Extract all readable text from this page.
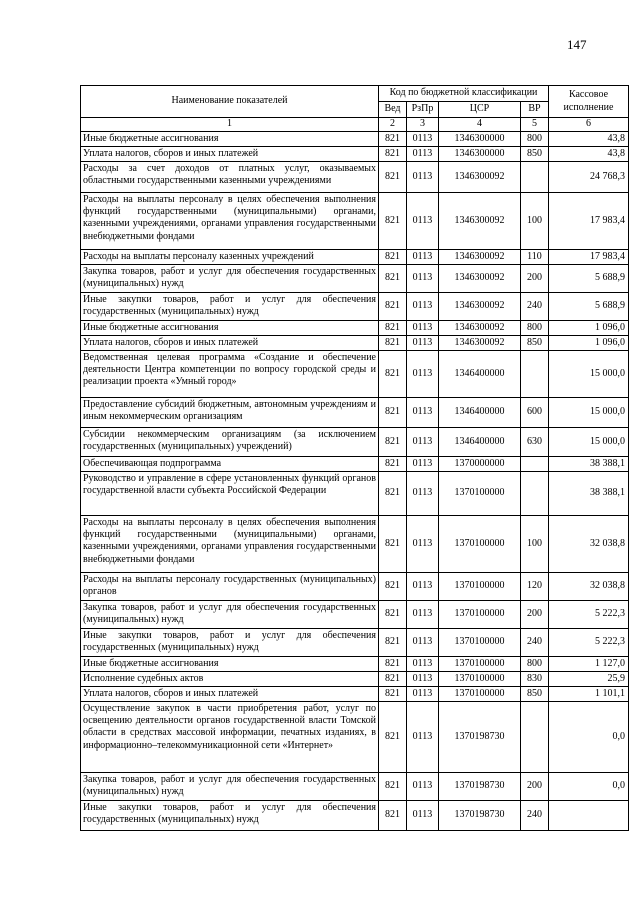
147
Наименование показателей	Код по бюджетной классификации				Кассовое исполнение
	Вед	РзПр	ЦСР	ВР	
1	2	3	4	5	6
Иные бюджетные ассигнования	821	0113	1346300000	800	43,8
Уплата налогов, сборов и иных платежей	821	0113	1346300000	850	43,8
Расходы за счет доходов от платных услуг, оказываемых областными государственными казенными учреждениями	821	0113	1346300092		24 768,3
Расходы на выплаты персоналу в целях обеспечения выполнения функций государственными (муниципальными) органами, казенными учреждениями, органами управления государственными внебюджетными фондами	821	0113	1346300092	100	17 983,4
Расходы на выплаты персоналу казенных учреждений	821	0113	1346300092	110	17 983,4
Закупка товаров, работ и услуг для обеспечения государственных (муниципальных) нужд	821	0113	1346300092	200	5 688,9
Иные закупки товаров, работ и услуг для обеспечения государственных (муниципальных) нужд	821	0113	1346300092	240	5 688,9
Иные бюджетные ассигнования	821	0113	1346300092	800	1 096,0
Уплата налогов, сборов и иных платежей	821	0113	1346300092	850	1 096,0
Ведомственная целевая программа «Создание и обеспечение деятельности Центра компетенции по вопросу городской среды и реализации проекта «Умный город»	821	0113	1346400000		15 000,0
Предоставление субсидий бюджетным, автономным учреждениям и иным некоммерческим организациям	821	0113	1346400000	600	15 000,0
Субсидии некоммерческим организациям (за исключением государственных (муниципальных) учреждений)	821	0113	1346400000	630	15 000,0
Обеспечивающая подпрограмма	821	0113	1370000000		38 388,1
Руководство и управление в сфере установленных функций органов государственной власти субъекта Российской Федерации	821	0113	1370100000		38 388,1
Расходы на выплаты персоналу в целях обеспечения выполнения функций государственными (муниципальными) органами, казенными учреждениями, органами управления государственными внебюджетными фондами	821	0113	1370100000	100	32 038,8
Расходы на выплаты персоналу государственных (муниципальных) органов	821	0113	1370100000	120	32 038,8
Закупка товаров, работ и услуг для обеспечения государственных (муниципальных) нужд	821	0113	1370100000	200	5 222,3
Иные закупки товаров, работ и услуг для обеспечения государственных (муниципальных) нужд	821	0113	1370100000	240	5 222,3
Иные бюджетные ассигнования	821	0113	1370100000	800	1 127,0
Исполнение судебных актов	821	0113	1370100000	830	25,9
Уплата налогов, сборов и иных платежей	821	0113	1370100000	850	1 101,1
Осуществление закупок в части приобретения работ, услуг по освещению деятельности органов государственной власти Томской области в средствах массовой информации, печатных изданиях, в информационно–телекоммуникационной сети «Интернет»	821	0113	1370198730		0,0
Закупка товаров, работ и услуг для обеспечения государственных (муниципальных) нужд	821	0113	1370198730	200	0,0
Иные закупки товаров, работ и услуг для обеспечения государственных (муниципальных) нужд	821	0113	1370198730	240	
